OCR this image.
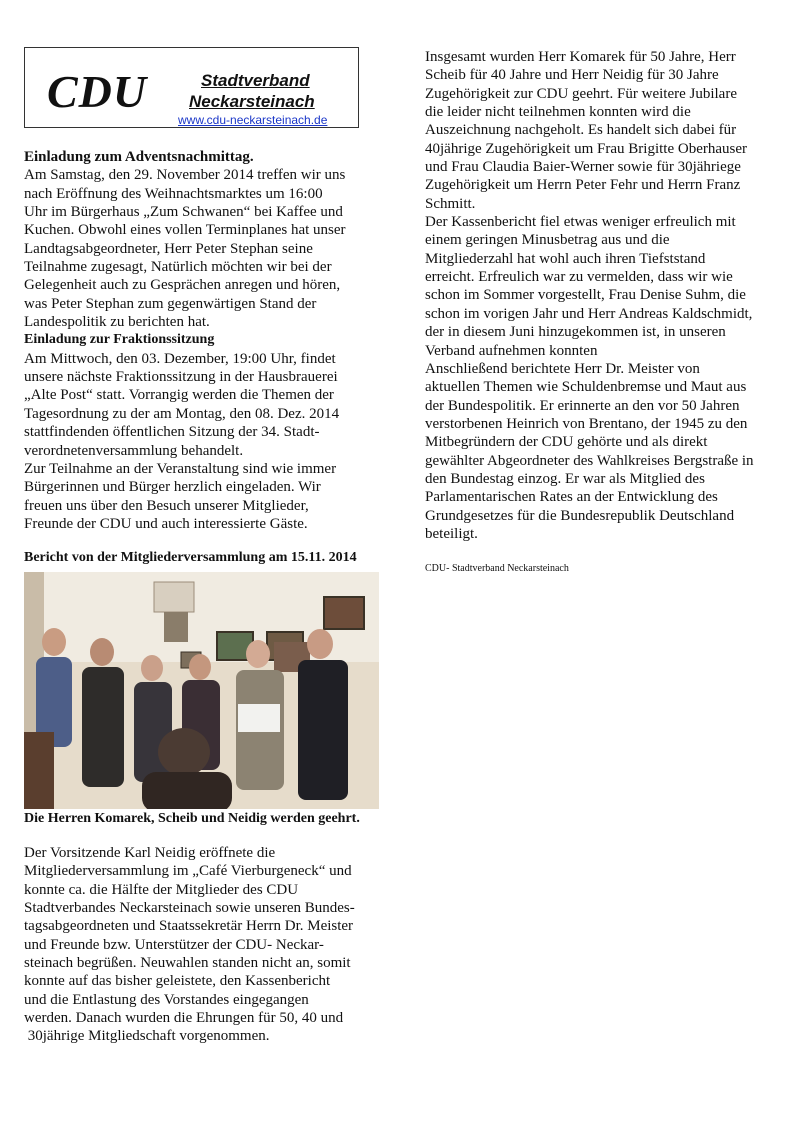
CDU	Stadtverband
Neckarsteinach
www.cdu-neckarsteinach.de

Einladung zum Adventsnachmittag.

Am Samstag, den 29. November 2014 treffen wir uns

nach Eröffnung des Weihnachtsmarktes um 16:00

Uhr im Bürgerhaus „Zum Schwanen“ bei Kaffee und

Kuchen. Obwohl eines vollen Terminplanes hat unser

Landtagsabgeordneter, Herr Peter Stephan seine

Teilnahme zugesagt, Natürlich möchten wir bei der

Gelegenheit auch zu Gesprächen anregen und hören,

was Peter Stephan zum gegenwärtigen Stand der

Landespolitik zu berichten hat.

Einladung zur Fraktionssitzung

Am Mittwoch, den 03. Dezember, 19:00 Uhr, findet

unsere nächste Fraktionssitzung in der Hausbrauerei

„Alte Post“ statt. Vorrangig werden die Themen der

Tagesordnung zu der am Montag, den 08. Dez. 2014

stattfindenden öffentlichen Sitzung der 34. Stadt-

verordnetenversammlung behandelt.

Zur Teilnahme an der Veranstaltung sind wie immer

Bürgerinnen und Bürger herzlich eingeladen. Wir

freuen uns über den Besuch unserer Mitglieder,

Freunde der CDU und auch interessierte Gäste.

Bericht von der Mitgliederversammlung am 15.11. 2014

Die Herren Komarek, Scheib und Neidig werden geehrt.

Der Vorsitzende Karl Neidig eröffnete die

Mitgliederversammlung im „Café Vierburgeneck“ und

konnte ca. die Hälfte der Mitglieder des CDU

Stadtverbandes Neckarsteinach sowie unseren Bundes-

tagsabgeordneten und Staatssekretär Herrn Dr. Meister

und Freunde bzw. Unterstützer der CDU- Neckar-

steinach begrüßen. Neuwahlen standen nicht an, somit

konnte auf das bisher geleistete, den Kassenbericht

und die Entlastung des Vorstandes eingegangen

werden. Danach wurden die Ehrungen für 50, 40 und

30jährige Mitgliedschaft vorgenommen.

Insgesamt wurden Herr Komarek für 50 Jahre, Herr

Scheib für 40 Jahre und Herr Neidig für 30 Jahre

Zugehörigkeit zur CDU geehrt. Für weitere Jubilare

die leider nicht teilnehmen konnten wird die

Auszeichnung nachgeholt. Es handelt sich dabei für

40jährige Zugehörigkeit um Frau Brigitte Oberhauser

und Frau Claudia Baier-Werner sowie für 30jähriege

Zugehörigkeit um Herrn Peter Fehr und Herrn Franz

Schmitt.

Der Kassenbericht fiel etwas weniger erfreulich mit

einem geringen Minusbetrag aus und die

Mitgliederzahl hat wohl auch ihren Tiefststand

erreicht. Erfreulich war zu vermelden, dass wir wie

schon im Sommer vorgestellt, Frau Denise Suhm, die

schon im vorigen Jahr und Herr Andreas Kaldschmidt,

der in diesem Juni hinzugekommen ist, in unseren

Verband aufnehmen konnten

Anschließend berichtete Herr Dr. Meister von

aktuellen Themen wie Schuldenbremse und Maut aus

der Bundespolitik. Er erinnerte an den vor 50 Jahren

verstorbenen Heinrich von Brentano, der 1945 zu den

Mitbegründern der CDU gehörte und als direkt

gewählter Abgeordneter des Wahlkreises Bergstraße in

den Bundestag einzog. Er war als Mitglied des

Parlamentarischen Rates an der Entwicklung des

Grundgesetzes für die Bundesrepublik Deutschland

beteiligt.

CDU- Stadtverband Neckarsteinach
